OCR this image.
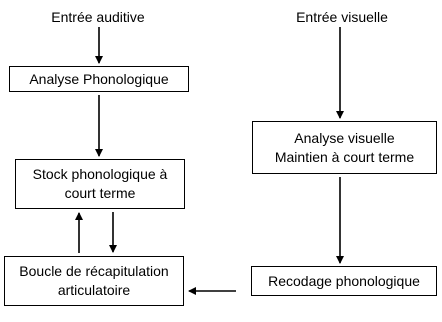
Entrée auditive
Analyse Phonologique
Stock phonologique à
court terme
Boucle de récapitulation
articulatoire
Entrée visuelle
Analyse visuelle
Maintien à court terme
Recodage phonologique
